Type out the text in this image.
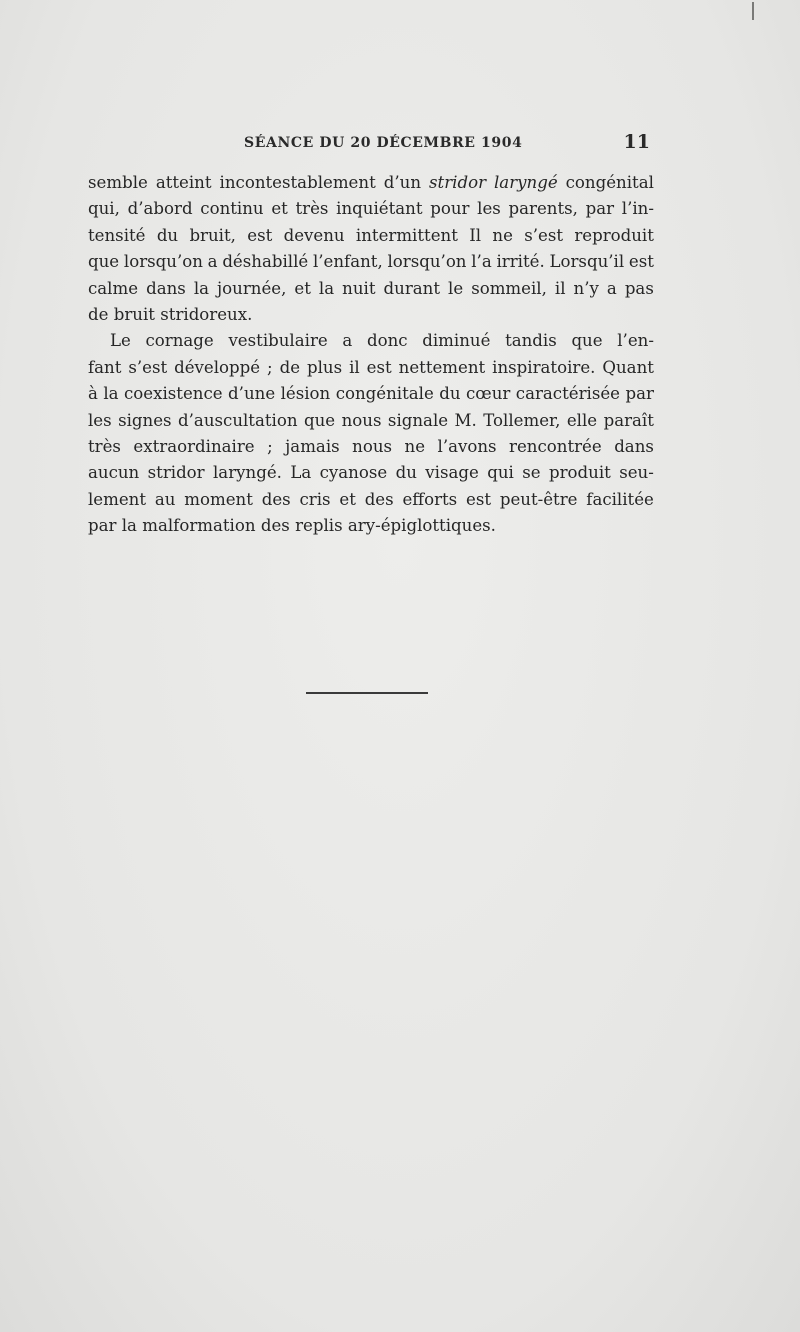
SÉANCE DU 20 DÉCEMBRE 1904	11
semble atteint incontestablement d’un stridor laryngé congénital
qui, d’abord continu et très inquiétant pour les parents, par l’in-
tensité du bruit, est devenu intermittent Il ne s’est reproduit
que lorsqu’on a déshabillé l’enfant, lorsqu’on l’a irrité. Lorsqu’il est
calme dans la journée, et la nuit durant le sommeil, il n’y a pas
de bruit stridoreux.
Le cornage vestibulaire a donc diminué tandis que l’en-
fant s’est développé ; de plus il est nettement inspiratoire. Quant
à la coexistence d’une lésion congénitale du cœur caractérisée par
les signes d’auscultation que nous signale M. Tollemer, elle paraît
très extraordinaire ; jamais nous ne l’avons rencontrée dans
aucun stridor laryngé. La cyanose du visage qui se produit seu-
lement au moment des cris et des efforts est peut-être facilitée
par la malformation des replis ary-épiglottiques.
